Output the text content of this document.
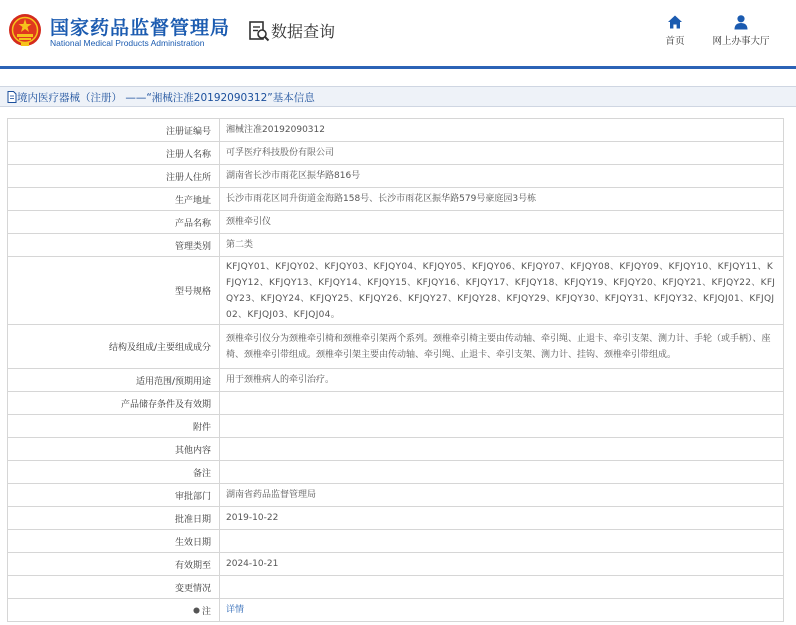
国家药品监督管理局
National Medical Products Administration
数据查询
首页	网上办事大厅
境内医疗器械（注册） ——“湘械注准20192090312”基本信息
注册证编号	湘械注准20192090312
注册人名称	可孚医疗科技股份有限公司
注册人住所	湖南省长沙市雨花区振华路816号
生产地址	长沙市雨花区同升街道金海路158号、长沙市雨花区振华路579号豪庭园3号栋
产品名称	颈椎牵引仪
管理类别	第二类
型号规格	KFJQY01、KFJQY02、KFJQY03、KFJQY04、KFJQY05、KFJQY06、KFJQY07、KFJQY08、KFJQY09、KFJQY10、KFJQY11、KFJQY12、KFJQY13、KFJQY14、KFJQY15、KFJQY16、KFJQY17、KFJQY18、KFJQY19、KFJQY20、KFJQY21、KFJQY22、KFJQY23、KFJQY24、KFJQY25、KFJQY26、KFJQY27、KFJQY28、KFJQY29、KFJQY30、KFJQY31、KFJQY32、KFJQJ01、KFJQJ02、KFJQJ03、KFJQJ04。
结构及组成/主要组成成分	颈椎牵引仪分为颈椎牵引椅和颈椎牵引架两个系列。颈椎牵引椅主要由传动轴、牵引绳、止退卡、牵引支架、测力计、手轮（或手柄）、座椅、颈椎牵引带组成。颈椎牵引架主要由传动轴、牵引绳、止退卡、牵引支架、测力计、挂钩、颈椎牵引带组成。
适用范围/预期用途	用于颈椎病人的牵引治疗。
产品储存条件及有效期	
附件	
其他内容	
备注	
审批部门	湖南省药品监督管理局
批准日期	2019-10-22
生效日期	
有效期至	2024-10-21
变更情况	

注	详情
